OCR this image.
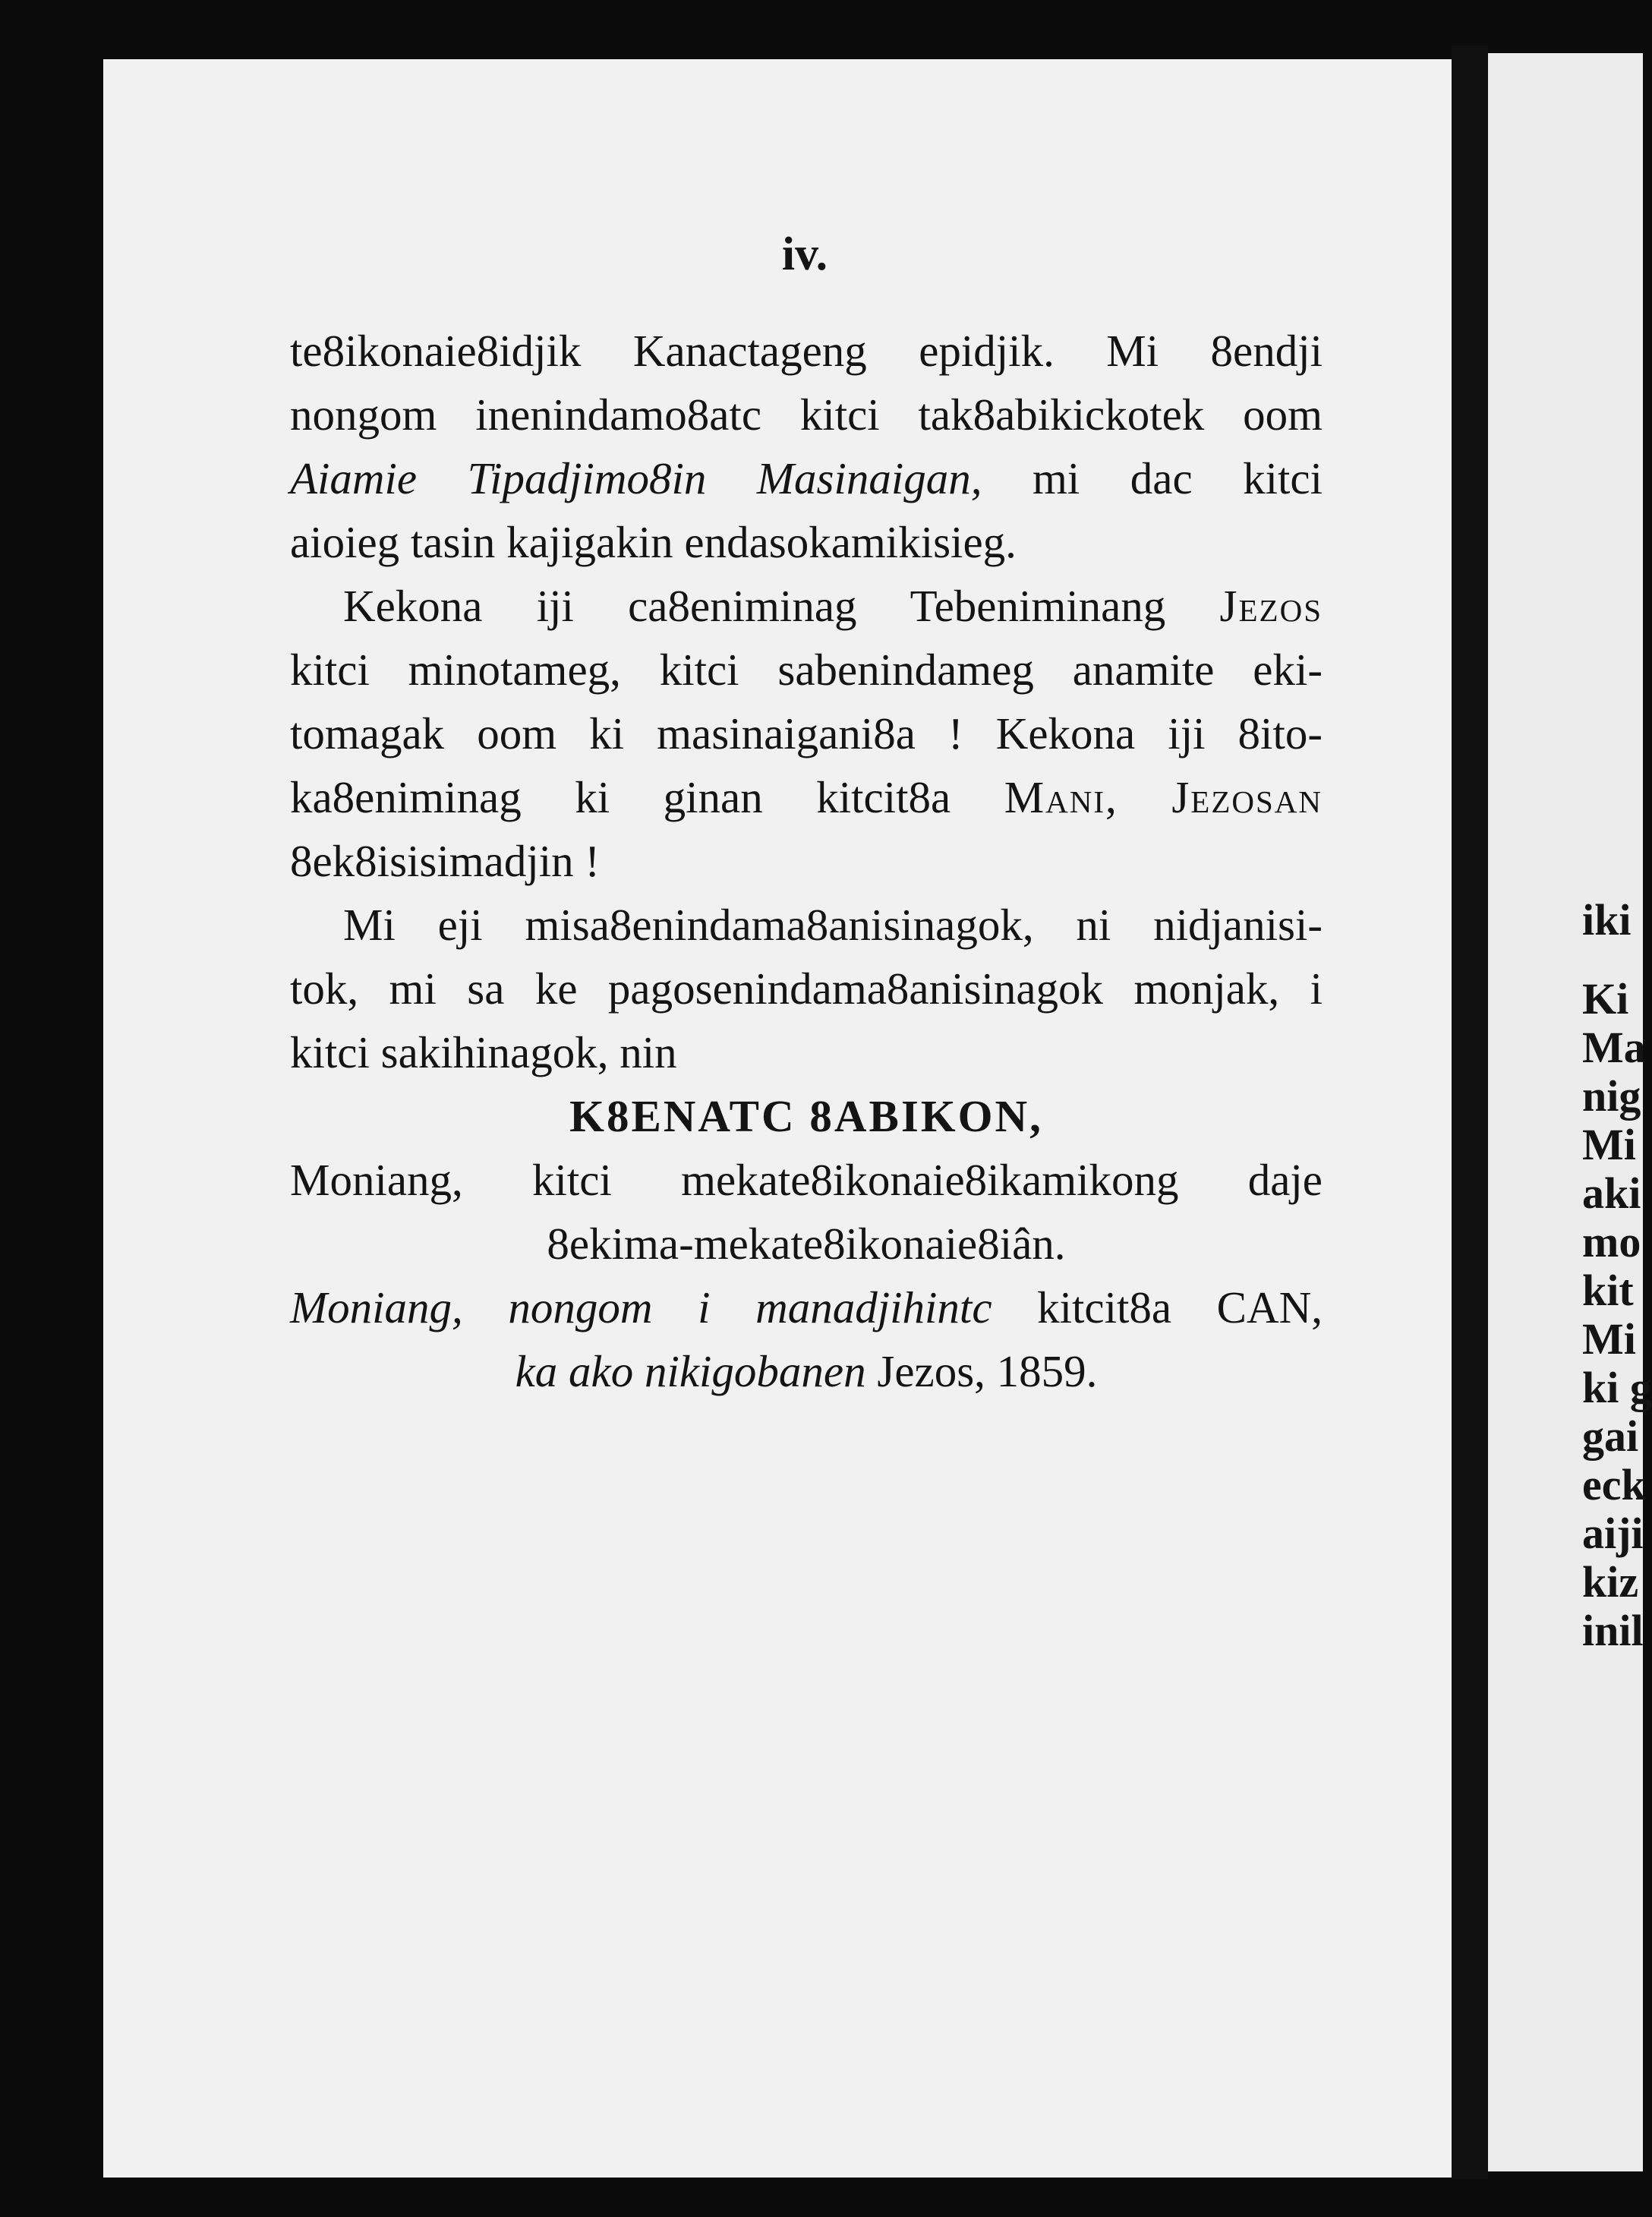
iv.
te8ikonaie8idjik Kanactageng epidjik. Mi 8endji
nongom inenindamo8atc kitci tak8abikickotek oom
Aiamie Tipadjimo8in Masinaigan, mi dac kitci
aioieg tasin kajigakin endasokamikisieg.
Kekona iji ca8eniminag Tebeniminang Jezos
kitci minotameg, kitci sabenindameg anamite eki-
tomagak oom ki masinaigani8a ! Kekona iji 8ito-
ka8eniminag ki ginan kitcit8a Mani, Jezosan
8ek8isisimadjin !
Mi eji misa8enindama8anisinagok, ni nidjanisi-
tok, mi sa ke pagosenindama8anisinagok monjak, i
kitci sakihinagok, nin
K8ENATC 8ABIKON,
Moniang, kitci mekate8ikonaie8ikamikong daje
8ekima-mekate8ikonaie8iân.
Moniang, nongom i manadjihintc kitcit8a CAN,
ka ako nikigobanen Jezos, 1859.
iki
Ki
Ma
nig
Mi
aki
mo
kit
Mi
ki g
gai
eck
aiji
kiz
inil
